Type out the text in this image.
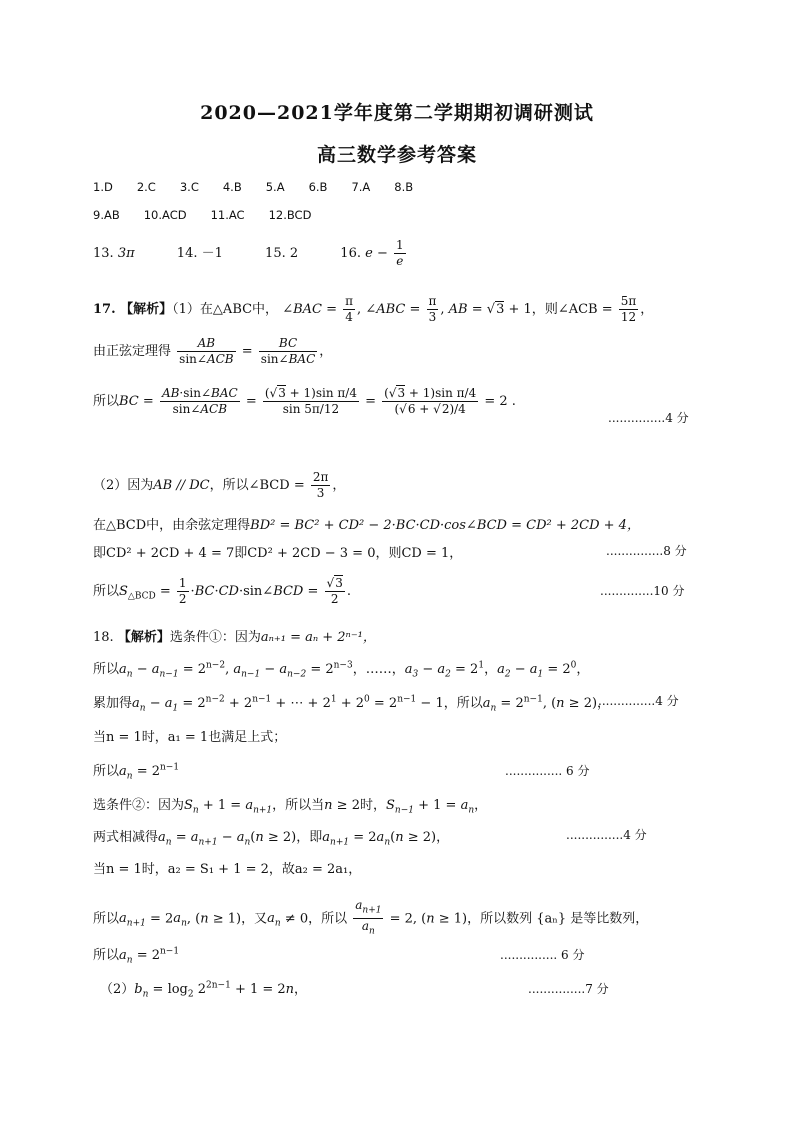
2020—2021学年度第二学期期初调研测试
高三数学参考答案
1.D 2.C 3.C 4.B 5.A 6.B 7.A 8.B
9.AB 10.ACD 11.AC 12.BCD
13. 3π	14. －1	15. 2	16. $e - \frac{1}{e}$
17. 【解析】（1）在△ABC中， ∠BAC = $\frac{\pi}{4}$ , ∠ABC = $\frac{\pi}{3}$ , AB = √3 + 1，则∠ACB = $\frac{5\pi}{12}$ ，
由正弦定理得 $\frac{AB}{\text{sin∠ACB}} = \frac{BC}{\text{sin∠BAC}}$ ，
所以BC = $\frac{\text{AB·sin∠BAC}}{\text{sin∠ACB}} = \frac{\text{(√3 + 1)sin π/4}}{\sin 5\pi/12} = \frac{\text{(√3 + 1)sin π/4}}{(√6 + √2)/4} = 2$ .
...............4 分
（2）因为AB // DC，所以∠BCD = $\frac{2\pi}{3}$ ，
在△BCD中，由余弦定理得BD² = BC² + CD² − 2·BC·CD·cos∠BCD = CD² + 2CD + 4，
即CD² + 2CD + 4 = 7即CD² + 2CD − 3 = 0，则CD = 1，	...............8 分
所以$S_{\triangle BCD} = \frac{1}{2}$ ·BC·CD·sin∠BCD = $\frac{√3}{2}$ .	..............10 分
18. 【解析】选条件①：因为aₙ₊₁ = aₙ + 2ⁿ⁻¹，
所以$a_n - a_{n-1} = 2^{n-2}$, $a_{n-1} - a_{n-2} = 2^{n-3}$，……，$a_3 - a_2 = 2^1$，$a_2 - a_1 = 2^0$，
累加得$a_n - a_1 = 2^{n-2} + 2^{n-1}$ + ⋯ + $2^1 + 2^0 = 2^{n-1} - 1$，所以$a_n = 2^{n-1}$, (n ≥ 2)，
...............4 分
当n = 1时，a₁ = 1也满足上式；
所以$a_n = 2^{n-1}$	............... 6 分
选条件②：因为$S_n + 1 = a_{n+1}$，所以当n ≥ 2时，$S_{n-1} + 1 = a_n$，
两式相减得$a_n = a_{n+1} - a_n(n \ge 2)$，即$a_{n+1} = 2a_n(n \ge 2)$，	...............4 分
当n = 1时，a₂ = S₁ + 1 = 2，故a₂ = 2a₁，
所以$a_{n+1} = 2a_n$, (n ≥ 1)，又$a_n \ne 0$，所以 $\frac{a_{n+1}}{a_n} = 2$, (n ≥ 1)，所以数列 {aₙ} 是等比数列，
所以$a_n = 2^{n-1}$	............... 6 分
$(2)b_n = \log_2 2^{2n-1} + 1 = 2n$，	...............7 分
